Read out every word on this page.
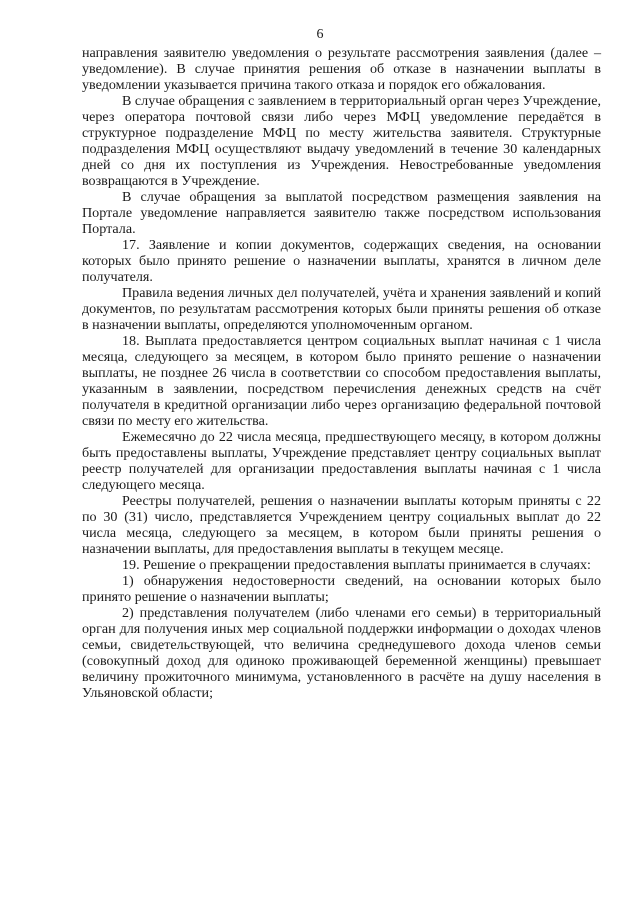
6

направления заявителю уведомления о результате рассмотрения заявления (далее – уведомление). В случае принятия решения об отказе в назначении выплаты в уведомлении указывается причина такого отказа и порядок его обжалования.

В случае обращения с заявлением в территориальный орган через Учреждение, через оператора почтовой связи либо через МФЦ уведомление передаётся в структурное подразделение МФЦ по месту жительства заявителя. Структурные подразделения МФЦ осуществляют выдачу уведомлений в течение 30 календарных дней со дня их поступления из Учреждения. Невостребованные уведомления возвращаются в Учреждение.

В случае обращения за выплатой посредством размещения заявления на Портале уведомление направляется заявителю также посредством использования Портала.

17. Заявление и копии документов, содержащих сведения, на основании которых было принято решение о назначении выплаты, хранятся в личном деле получателя.

Правила ведения личных дел получателей, учёта и хранения заявлений и копий документов, по результатам рассмотрения которых были приняты решения об отказе в назначении выплаты, определяются уполномоченным органом.

18. Выплата предоставляется центром социальных выплат начиная с 1 числа месяца, следующего за месяцем, в котором было принято решение о назначении выплаты, не позднее 26 числа в соответствии со способом предоставления выплаты, указанным в заявлении, посредством перечисления денежных средств на счёт получателя в кредитной организации либо через организацию федеральной почтовой связи по месту его жительства.

Ежемесячно до 22 числа месяца, предшествующего месяцу, в котором должны быть предоставлены выплаты, Учреждение представляет центру социальных выплат реестр получателей для организации предоставления выплаты начиная с 1 числа следующего месяца.

Реестры получателей, решения о назначении выплаты которым приняты с 22 по 30 (31) число, представляется Учреждением центру социальных выплат до 22 числа месяца, следующего за месяцем, в котором были приняты решения о назначении выплаты, для предоставления выплаты в текущем месяце.

19. Решение о прекращении предоставления выплаты принимается в случаях:

1) обнаружения недостоверности сведений, на основании которых было принято решение о назначении выплаты;

2) представления получателем (либо членами его семьи) в территориальный орган для получения иных мер социальной поддержки информации о доходах членов семьи, свидетельствующей, что величина среднедушевого дохода членов семьи (совокупный доход для одиноко проживающей беременной женщины) превышает величину прожиточного минимума, установленного в расчёте на душу населения в Ульяновской области;
